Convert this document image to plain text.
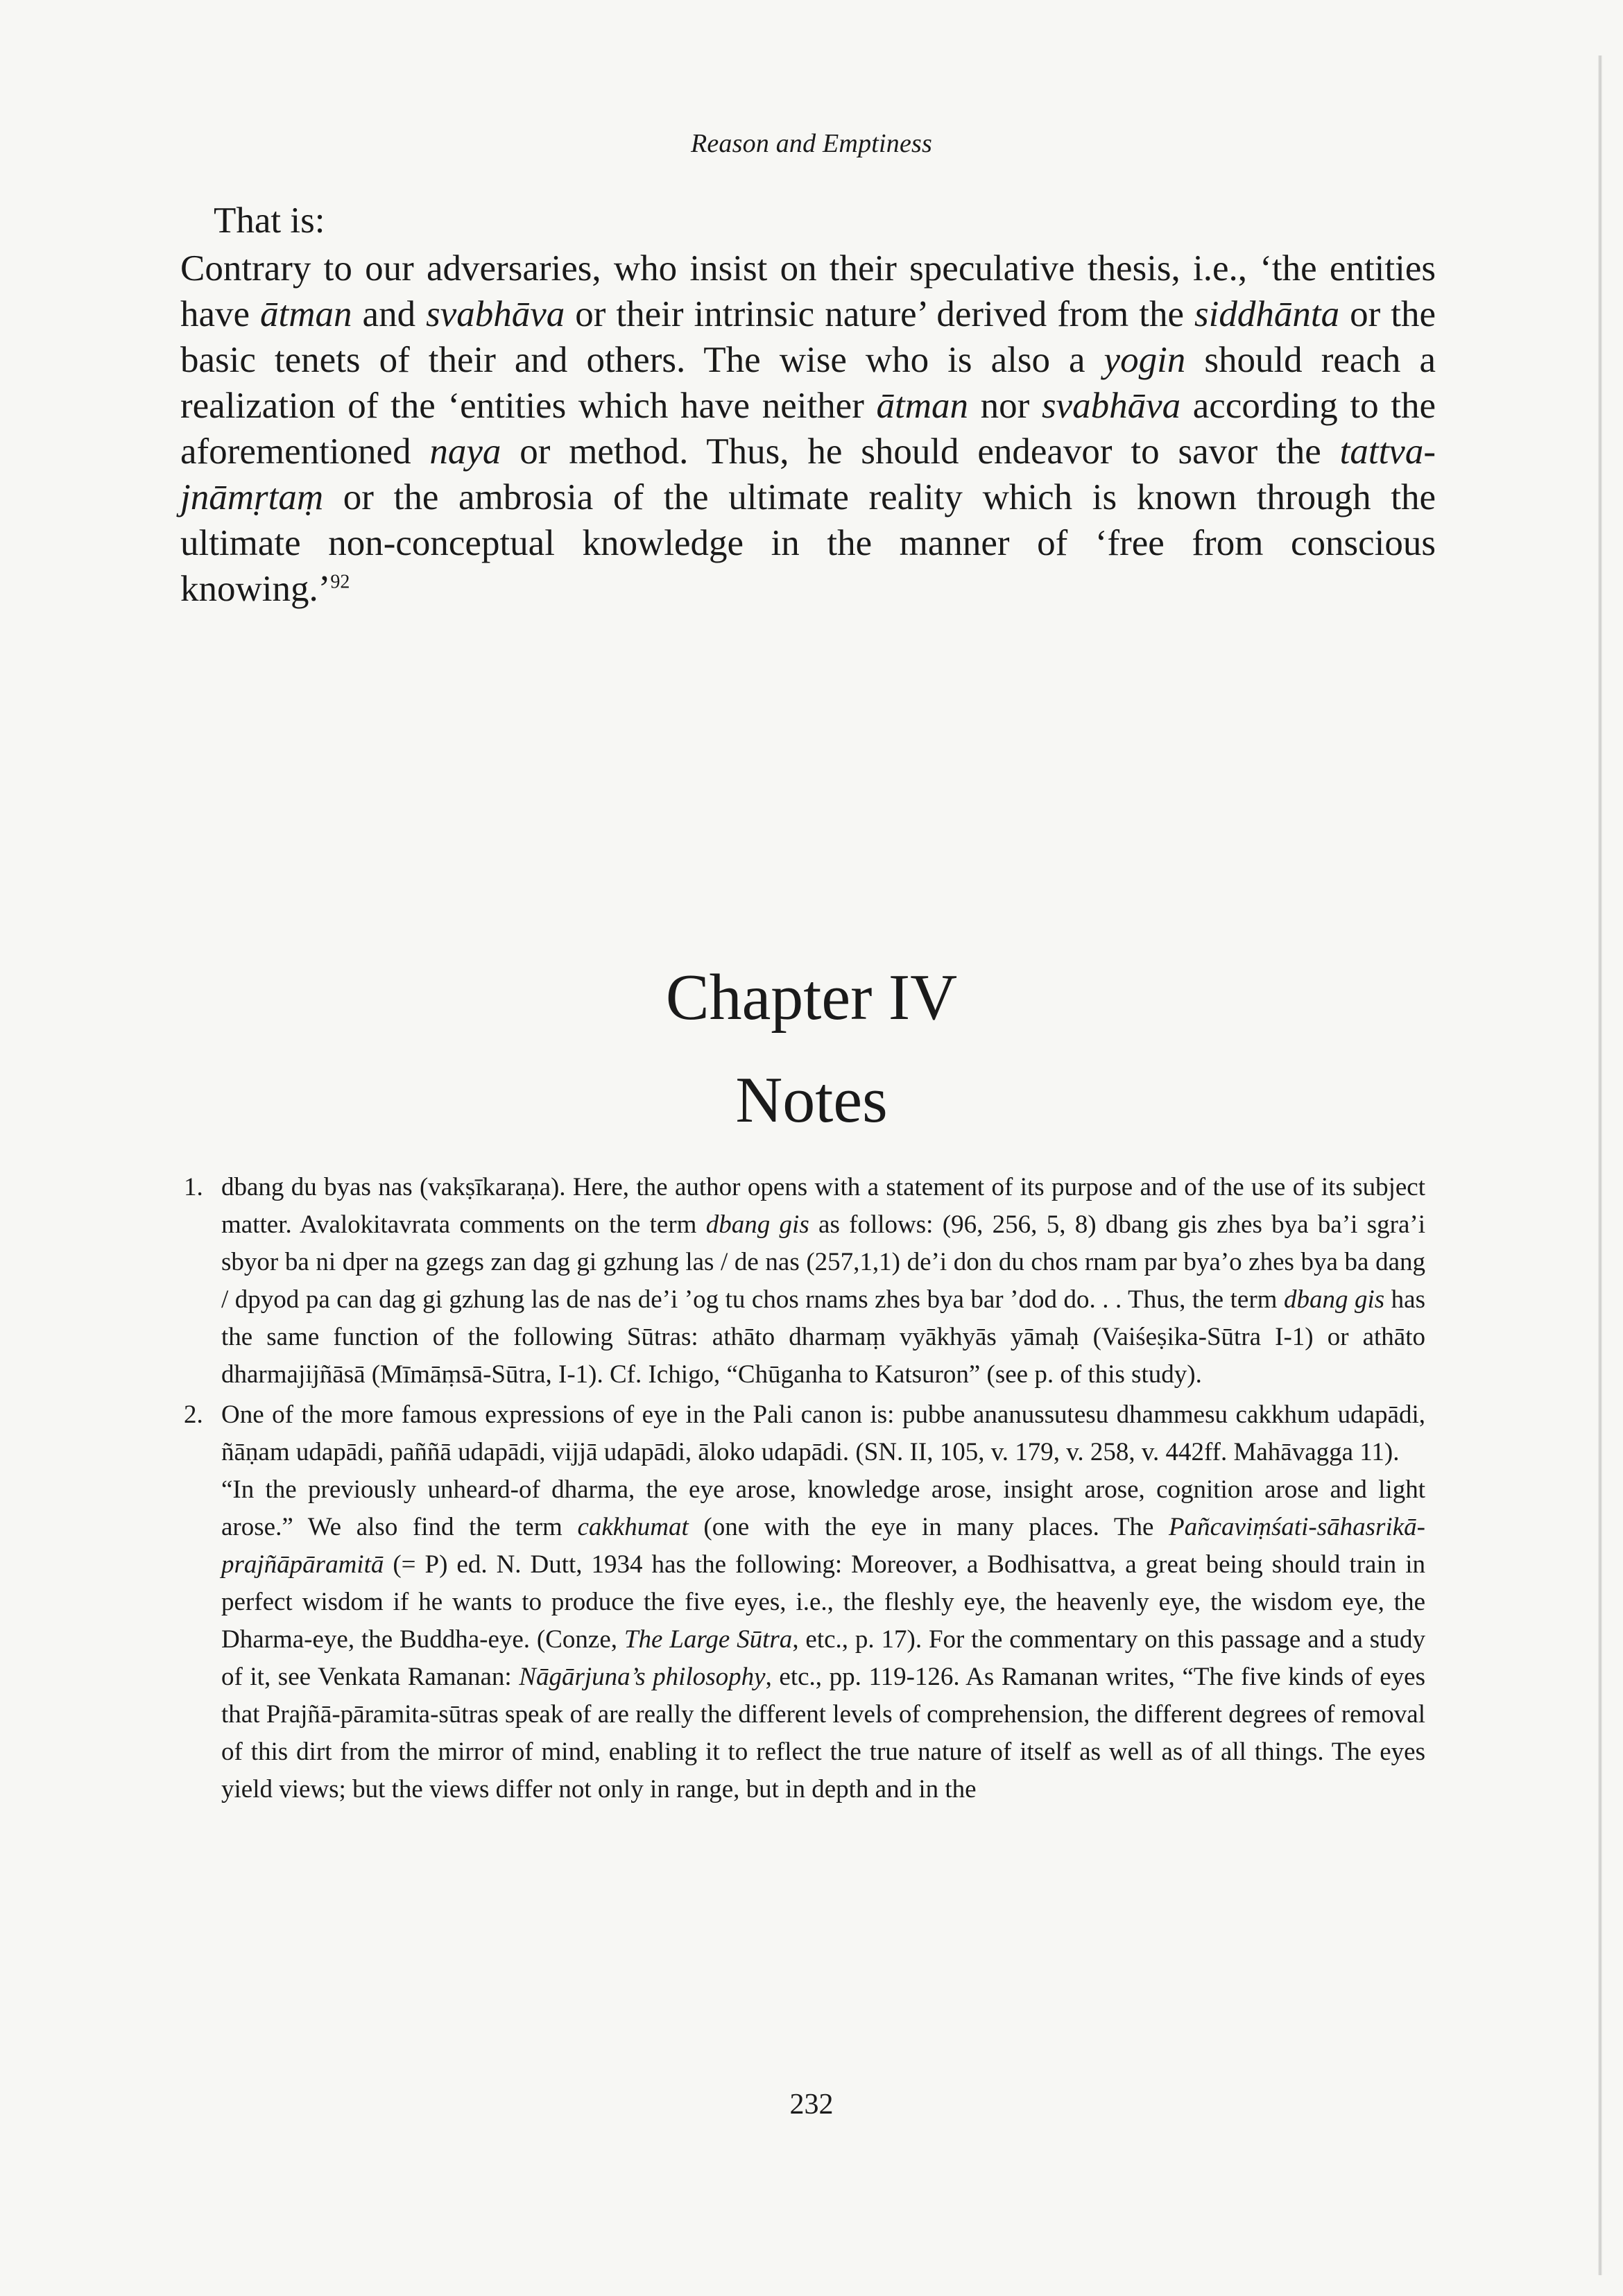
Reason and Emptiness
That is:

Contrary to our adversaries, who insist on their speculative thesis, i.e., ‘the entities have ātman and svabhāva or their intrinsic nature’ derived from the siddhānta or the basic tenets of their and others. The wise who is also a yogin should reach a realization of the ‘entities which have neither ātman nor svabhāva according to the aforementioned naya or method. Thus, he should endeavor to savor the tattva-jnāmṛtaṃ or the ambrosia of the ultimate reality which is known through the ultimate non-conceptual knowledge in the manner of ‘free from conscious knowing.’$^{92}$

Chapter IV
Notes
1. dbang du byas nas (vakṣīkaraṇa). Here, the author opens with a statement of its purpose and of the use of its subject matter. Avalokitavrata comments on the term dbang gis as follows: (96, 256, 5, 8) dbang gis zhes bya ba’i sgra’i sbyor ba ni dper na gzegs zan dag gi gzhung las / de nas (257,1,1) de’i don du chos rnam par bya’o zhes bya ba dang / dpyod pa can dag gi gzhung las de nas de’i ’og tu chos rnams zhes bya bar ’dod do. . . Thus, the term dbang gis has the same function of the following Sūtras: athāto dharmaṃ vyākhyās yāmaḥ (Vaiśeṣika-Sūtra I-1) or athāto dharmajijñāsā (Mīmāṃsā-Sūtra, I-1). Cf. Ichigo, “Chūganha to Katsuron” (see p. of this study).

2. One of the more famous expressions of eye in the Pali canon is: pubbe ananussutesu dhammesu cakkhum udapādi, ñāṇam udapādi, paññā udapādi, vijjā udapādi, āloko udapādi. (SN. II, 105, v. 179, v. 258, v. 442ff. Mahāvagga 11).

“In the previously unheard-of dharma, the eye arose, knowledge arose, insight arose, cognition arose and light arose.” We also find the term cakkhumat (one with the eye in many places. The Pañcaviṃśati-sāhasrikā-prajñāpāramitā (= P) ed. N. Dutt, 1934 has the following: Moreover, a Bodhisattva, a great being should train in perfect wisdom if he wants to produce the five eyes, i.e., the fleshly eye, the heavenly eye, the wisdom eye, the Dharma-eye, the Buddha-eye. (Conze, The Large Sūtra, etc., p. 17). For the commentary on this passage and a study of it, see Venkata Ramanan: Nāgārjuna’s philosophy, etc., pp. 119-126. As Ramanan writes, “The five kinds of eyes that Prajñā-pāramita-sūtras speak of are really the different levels of comprehension, the different degrees of removal of this dirt from the mirror of mind, enabling it to reflect the true nature of itself as well as of all things. The eyes yield views; but the views differ not only in range, but in depth and in the

232
